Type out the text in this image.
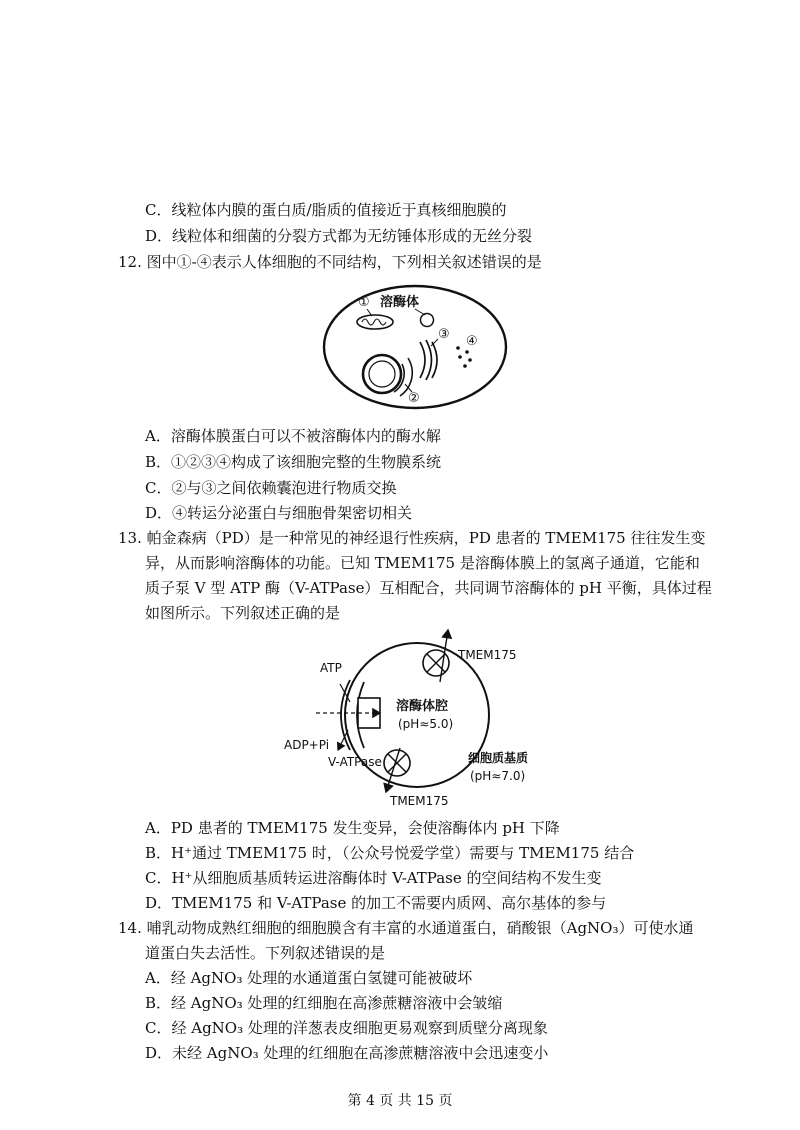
C．线粒体内膜的蛋白质/脂质的值接近于真核细胞膜的
D．线粒体和细菌的分裂方式都为无纺锤体形成的无丝分裂
12. 图中①-④表示人体细胞的不同结构，下列相关叙述错误的是
① 溶酶体
③ ④
②
A．溶酶体膜蛋白可以不被溶酶体内的酶水解
B．①②③④构成了该细胞完整的生物膜系统
C．②与③之间依赖囊泡进行物质交换
D．④转运分泌蛋白与细胞骨架密切相关
13. 帕金森病（PD）是一种常见的神经退行性疾病，PD 患者的 TMEM175 往往发生变
异，从而影响溶酶体的功能。已知 TMEM175 是溶酶体膜上的氢离子通道，它能和
质子泵 V 型 ATP 酶（V-ATPase）互相配合，共同调节溶酶体的 pH 平衡，具体过程
如图所示。下列叙述正确的是
TMEM175
TMEM175
ATP
ADP+Pi
V-ATPase
溶酶体腔
(pH≈5.0)
细胞质基质
(pH≈7.0)
A．PD 患者的 TMEM175 发生变异，会使溶酶体内 pH 下降
B．H⁺通过 TMEM175 时，（公众号悦爱学堂）需要与 TMEM175 结合
C．H⁺从细胞质基质转运进溶酶体时 V-ATPase 的空间结构不发生变
D．TMEM175 和 V-ATPase 的加工不需要内质网、高尔基体的参与
14. 哺乳动物成熟红细胞的细胞膜含有丰富的水通道蛋白，硝酸银（AgNO₃）可使水通
道蛋白失去活性。下列叙述错误的是
A．经 AgNO₃ 处理的水通道蛋白氢键可能被破坏
B．经 AgNO₃ 处理的红细胞在高渗蔗糖溶液中会皱缩
C．经 AgNO₃ 处理的洋葱表皮细胞更易观察到质壁分离现象
D．未经 AgNO₃ 处理的红细胞在高渗蔗糖溶液中会迅速变小
第 4 页 共 15 页
